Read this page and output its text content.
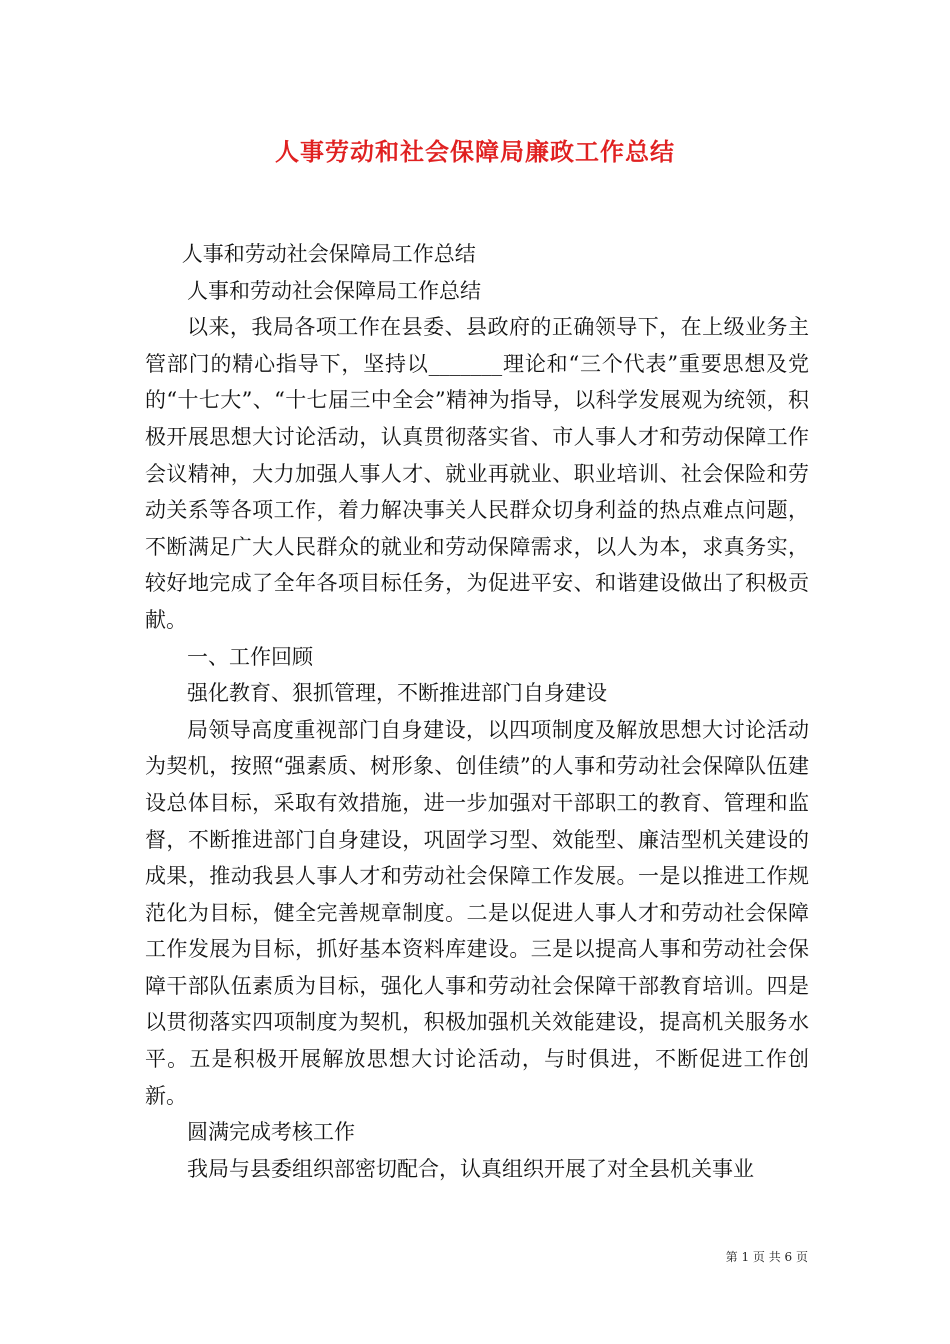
人事劳动和社会保障局廉政工作总结

人事和劳动社会保障局工作总结

人事和劳动社会保障局工作总结

以来，我局各项工作在县委、县政府的正确领导下，在上级业务主管部门的精心指导下，坚持以_______理论和“三个代表”重要思想及党的“十七大”、“十七届三中全会”精神为指导，以科学发展观为统领，积极开展思想大讨论活动，认真贯彻落实省、市人事人才和劳动保障工作会议精神，大力加强人事人才、就业再就业、职业培训、社会保险和劳动关系等各项工作，着力解决事关人民群众切身利益的热点难点问题，不断满足广大人民群众的就业和劳动保障需求，以人为本，求真务实，较好地完成了全年各项目标任务，为促进平安、和谐建设做出了积极贡献。

一、工作回顾

强化教育、狠抓管理，不断推进部门自身建设

局领导高度重视部门自身建设，以四项制度及解放思想大讨论活动为契机，按照“强素质、树形象、创佳绩”的人事和劳动社会保障队伍建设总体目标，采取有效措施，进一步加强对干部职工的教育、管理和监督，不断推进部门自身建设，巩固学习型、效能型、廉洁型机关建设的成果，推动我县人事人才和劳动社会保障工作发展。一是以推进工作规范化为目标，健全完善规章制度。二是以促进人事人才和劳动社会保障工作发展为目标，抓好基本资料库建设。三是以提高人事和劳动社会保障干部队伍素质为目标，强化人事和劳动社会保障干部教育培训。四是以贯彻落实四项制度为契机，积极加强机关效能建设，提高机关服务水平。五是积极开展解放思想大讨论活动，与时俱进，不断促进工作创新。

圆满完成考核工作

我局与县委组织部密切配合，认真组织开展了对全县机关事业

第 1 页 共 6 页
